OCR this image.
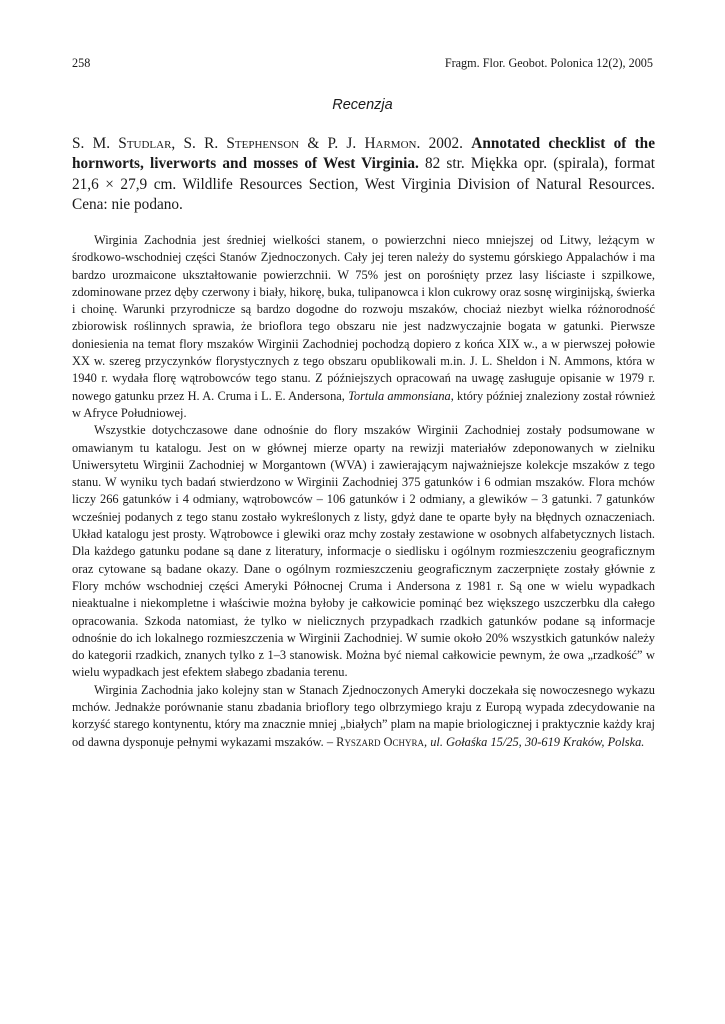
258	Fragm. Flor. Geobot. Polonica 12(2), 2005
Recenzja
S. M. Studlar, S. R. Stephenson & P. J. Harmon. 2002. Annotated checklist of the hornworts, liverworts and mosses of West Virginia. 82 str. Miękka opr. (spirala), format 21,6 × 27,9 cm. Wildlife Resources Section, West Virginia Division of Natural Resources. Cena: nie podano.

Wirginia Zachodnia jest średniej wielkości stanem, o powierzchni nieco mniejszej od Litwy, leżącym w środkowo-wschodniej części Stanów Zjednoczonych. Cały jej teren należy do systemu górskiego Appalachów i ma bardzo urozmaicone ukształtowanie powierzchnii. W 75% jest on porośnięty przez lasy liściaste i szpilkowe, zdominowane przez dęby czerwony i biały, hikorę, buka, tulipanowca i klon cukrowy oraz sosnę wirginijską, świerka i choinę. Warunki przyrodnicze są bardzo dogodne do rozwoju mszaków, chociaż niezbyt wielka różnorodność zbiorowisk roślinnych sprawia, że brioflora tego obszaru nie jest nadzwyczajnie bogata w gatunki. Pierwsze doniesienia na temat flory mszaków Wirginii Zachodniej pochodzą dopiero z końca XIX w., a w pierwszej połowie XX w. szereg przyczynków florystycznych z tego obszaru opublikowali m.in. J. L. Sheldon i N. Ammons, która w 1940 r. wydała florę wątrobowców tego stanu. Z późniejszych opracowań na uwagę zasługuje opisanie w 1979 r. nowego gatunku przez H. A. Cruma i L. E. Andersona, Tortula ammonsiana, który później znaleziony został również w Afryce Południowej.

Wszystkie dotychczasowe dane odnośnie do flory mszaków Wirginii Zachodniej zostały podsumowane w omawianym tu katalogu. Jest on w głównej mierze oparty na rewizji materiałów zdeponowanych w zielniku Uniwersytetu Wirginii Zachodniej w Morgantown (WVA) i zawierającym najważniejsze kolekcje mszaków z tego stanu. W wyniku tych badań stwierdzono w Wirginii Zachodniej 375 gatunków i 6 odmian mszaków. Flora mchów liczy 266 gatunków i 4 odmiany, wątrobowców – 106 gatunków i 2 odmiany, a glewików – 3 gatunki. 7 gatunków wcześniej podanych z tego stanu zostało wykreślonych z listy, gdyż dane te oparte były na błędnych oznaczeniach. Układ katalogu jest prosty. Wątrobowce i glewiki oraz mchy zostały zestawione w osobnych alfabetycznych listach. Dla każdego gatunku podane są dane z literatury, informacje o siedlisku i ogólnym rozmieszczeniu geograficznym oraz cytowane są badane okazy. Dane o ogólnym rozmieszczeniu geograficznym zaczerpnięte zostały głównie z Flory mchów wschodniej części Ameryki Północnej Cruma i Andersona z 1981 r. Są one w wielu wypadkach nieaktualne i niekompletne i właściwie można byłoby je całkowicie pominąć bez większego uszczerbku dla całego opracowania. Szkoda natomiast, że tylko w nielicznych przypadkach rzadkich gatunków podane są informacje odnośnie do ich lokalnego rozmieszczenia w Wirginii Zachodniej. W sumie około 20% wszystkich gatunków należy do kategorii rzadkich, znanych tylko z 1–3 stanowisk. Można być niemal całkowicie pewnym, że owa „rzadkość” w wielu wypadkach jest efektem słabego zbadania terenu.

Wirginia Zachodnia jako kolejny stan w Stanach Zjednoczonych Ameryki doczekała się nowoczesnego wykazu mchów. Jednakże porównanie stanu zbadania brioflory tego olbrzymiego kraju z Europą wypada zdecydowanie na korzyść starego kontynentu, który ma znacznie mniej „białych” plam na mapie briologicznej i praktycznie każdy kraj od dawna dysponuje pełnymi wykazami mszaków. – Ryszard Ochyra, ul. Gołaśka 15/25, 30-619 Kraków, Polska.
